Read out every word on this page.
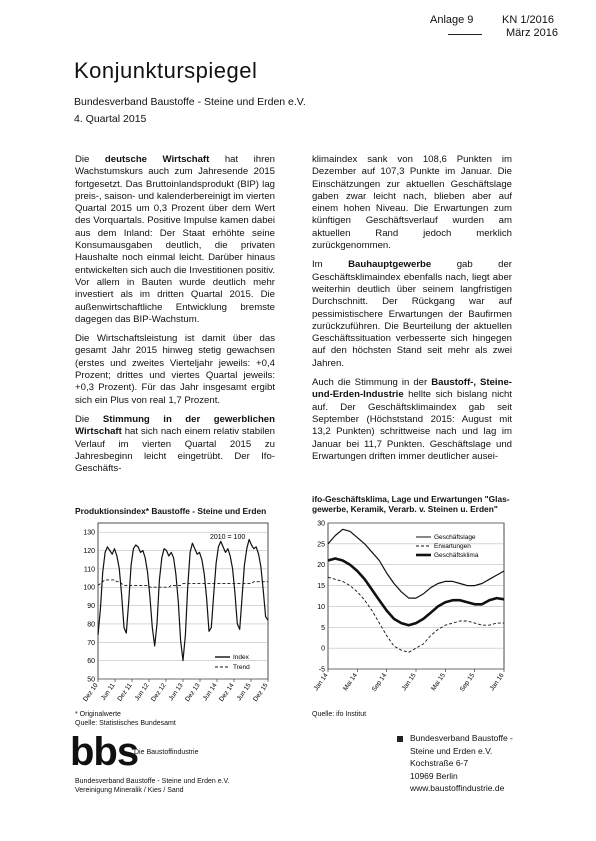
Anlage 9	KN 1/2016
März 2016
Konjunkturspiegel
Bundesverband Baustoffe - Steine und Erden e.V.
4. Quartal 2015

Die deutsche Wirtschaft hat ihren Wachstumskurs auch zum Jahresende 2015 fortgesetzt. Das Bruttoinlandsprodukt (BIP) lag preis-, saison- und kalenderbereinigt im vierten Quartal 2015 um 0,3 Prozent über dem Wert des Vorquartals. Positive Impulse kamen dabei aus dem Inland: Der Staat erhöhte seine Konsumausgaben deutlich, die privaten Haushalte noch einmal leicht. Darüber hinaus entwickelten sich auch die Investitionen positiv. Vor allem in Bauten wurde deutlich mehr investiert als im dritten Quartal 2015. Die außenwirtschaftliche Entwicklung bremste dagegen das BIP-Wachstum.

Die Wirtschaftsleistung ist damit über das gesamt Jahr 2015 hinweg stetig gewachsen (erstes und zweites Vierteljahr jeweils: +0,4 Prozent; drittes und viertes Quartal jeweils: +0,3 Prozent). Für das Jahr insgesamt ergibt sich ein Plus von real 1,7 Prozent.

Die Stimmung in der gewerblichen Wirtschaft hat sich nach einem relativ stabilen Verlauf im vierten Quartal 2015 zu Jahresbeginn leicht eingetrübt. Der Ifo-Geschäfts-

klimaindex sank von 108,6 Punkten im Dezember auf 107,3 Punkte im Januar. Die Einschätzungen zur aktuellen Geschäftslage gaben zwar leicht nach, blieben aber auf einem hohen Niveau. Die Erwartungen zum künftigen Geschäftsverlauf wurden am aktuellen Rand jedoch merklich zurückgenommen.

Im Bauhauptgewerbe gab der Geschäftsklimaindex ebenfalls nach, liegt aber weiterhin deutlich über seinem langfristigen Durchschnitt. Der Rückgang war auf pessimistischere Erwartungen der Baufirmen zurückzuführen. Die Beurteilung der aktuellen Geschäftssituation verbesserte sich hingegen auf den höchsten Stand seit mehr als zwei Jahren.

Auch die Stimmung in der Baustoff-, Steine-und-Erden-Industrie hellte sich bislang nicht auf. Der Geschäftsklimaindex gab seit September (Höchststand 2015: August mit 13,2 Punkten) schrittweise nach und lag im Januar bei 11,7 Punkten. Geschäftslage und Erwartungen driften immer deutlicher ausei-

Produktionsindex* Baustoffe - Steine und Erden
50
60
70
80
90
100
110
120
130
Dez 10 Jun 11 Dez 11 Jun 12 Dez 12 Jun 13 Dez 13 Jun 14 Dez 14 Jun 15 Dez 15
2010 = 100
Index
Trend
* Originalwerte
Quelle: Statistisches Bundesamt
ifo-Geschäftsklima, Lage und Erwartungen "Glas-gewerbe, Keramik, Verarb. v. Steinen u. Erden"
-5
0
5
10
15
20
25
30
Jan 14 Mai 14 Sep 14 Jan 15 Mai 15 Sep 15 Jan 16
Geschäftslage
Erwartungen
Geschäftsklima
Quelle: ifo Institut
bbs
Die Baustoffindustrie
Bundesverband Baustoffe - Steine und Erden e.V.
Vereinigung Mineralik / Kies / Sand
Bundesverband Baustoffe -
Steine und Erden e.V.
Kochstraße 6-7
10969 Berlin
www.baustoffindustrie.de
